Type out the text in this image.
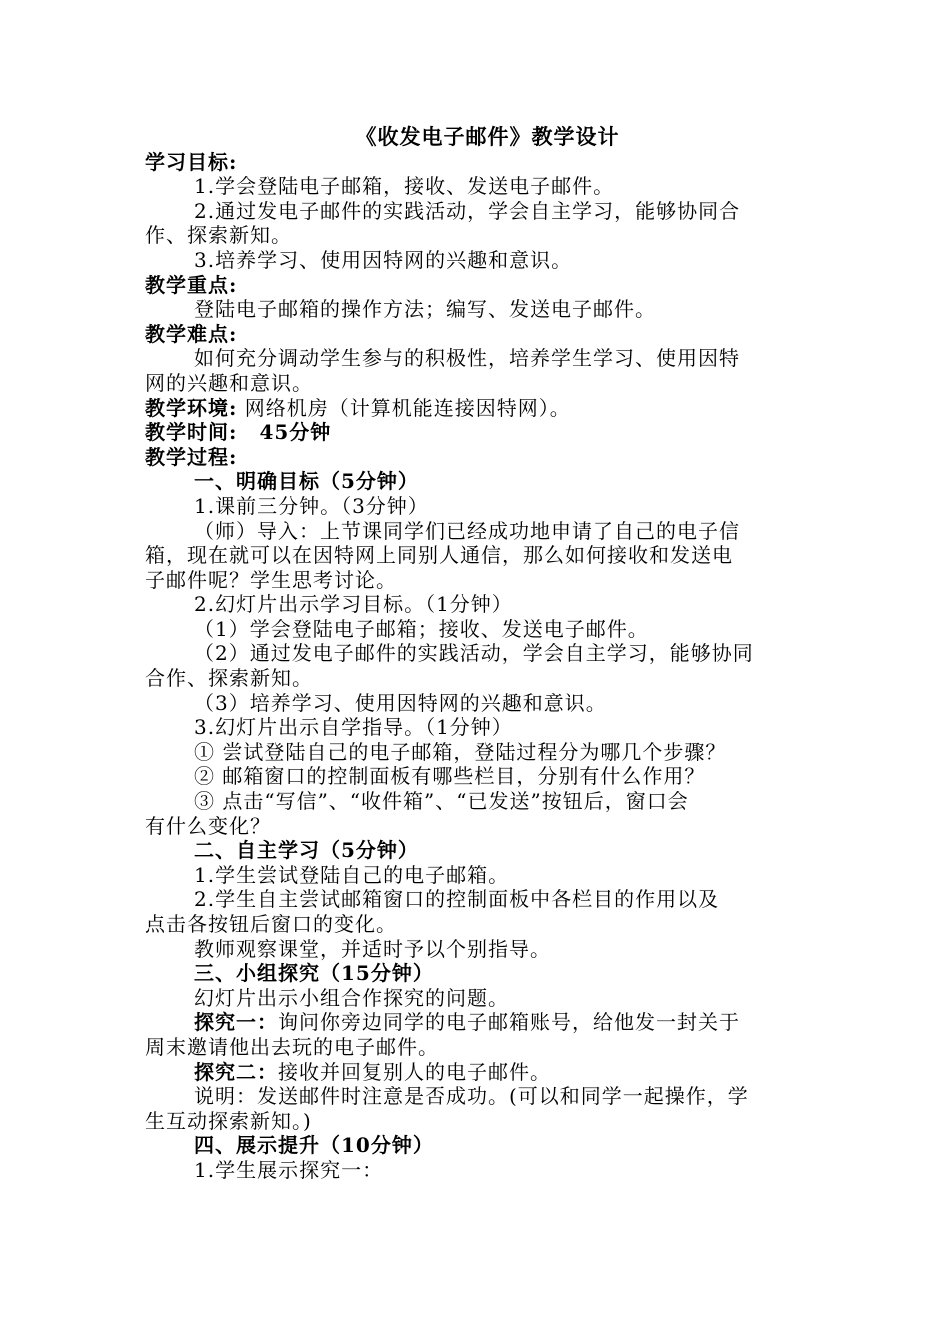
《收发电子邮件》教学设计
学习目标:
1.学会登陆电子邮箱，接收、发送电子邮件。
2.通过发电子邮件的实践活动，学会自主学习，能够协同合
作、探索新知。
3.培养学习、使用因特网的兴趣和意识。
教学重点:
登陆电子邮箱的操作方法；编写、发送电子邮件。
教学难点:
如何充分调动学生参与的积极性，培养学生学习、使用因特
网的兴趣和意识。
教学环境: 网络机房（计算机能连接因特网）。
教学时间: 45分钟
教学过程:
一、明确目标（5分钟）
1.课前三分钟。（3分钟）
（师）导入：上节课同学们已经成功地申请了自己的电子信
箱，现在就可以在因特网上同别人通信，那么如何接收和发送电
子邮件呢？学生思考讨论。
2.幻灯片出示学习目标。（1分钟）
（1）学会登陆电子邮箱；接收、发送电子邮件。
（2）通过发电子邮件的实践活动，学会自主学习，能够协同
合作、探索新知。
（3）培养学习、使用因特网的兴趣和意识。
3.幻灯片出示自学指导。（1分钟）
① 尝试登陆自己的电子邮箱，登陆过程分为哪几个步骤？
② 邮箱窗口的控制面板有哪些栏目，分别有什么作用？
③ 点击“写信”、“收件箱”、“已发送”按钮后，窗口会
有什么变化？
二、自主学习（5分钟）
1.学生尝试登陆自己的电子邮箱。
2.学生自主尝试邮箱窗口的控制面板中各栏目的作用以及
点击各按钮后窗口的变化。
教师观察课堂，并适时予以个别指导。
三、小组探究（15分钟）
幻灯片出示小组合作探究的问题。
探究一：询问你旁边同学的电子邮箱账号，给他发一封关于
周末邀请他出去玩的电子邮件。
探究二：接收并回复别人的电子邮件。
说明：发送邮件时注意是否成功。(可以和同学一起操作，学
生互动探索新知。)
四、展示提升（10分钟）
1.学生展示探究一：
